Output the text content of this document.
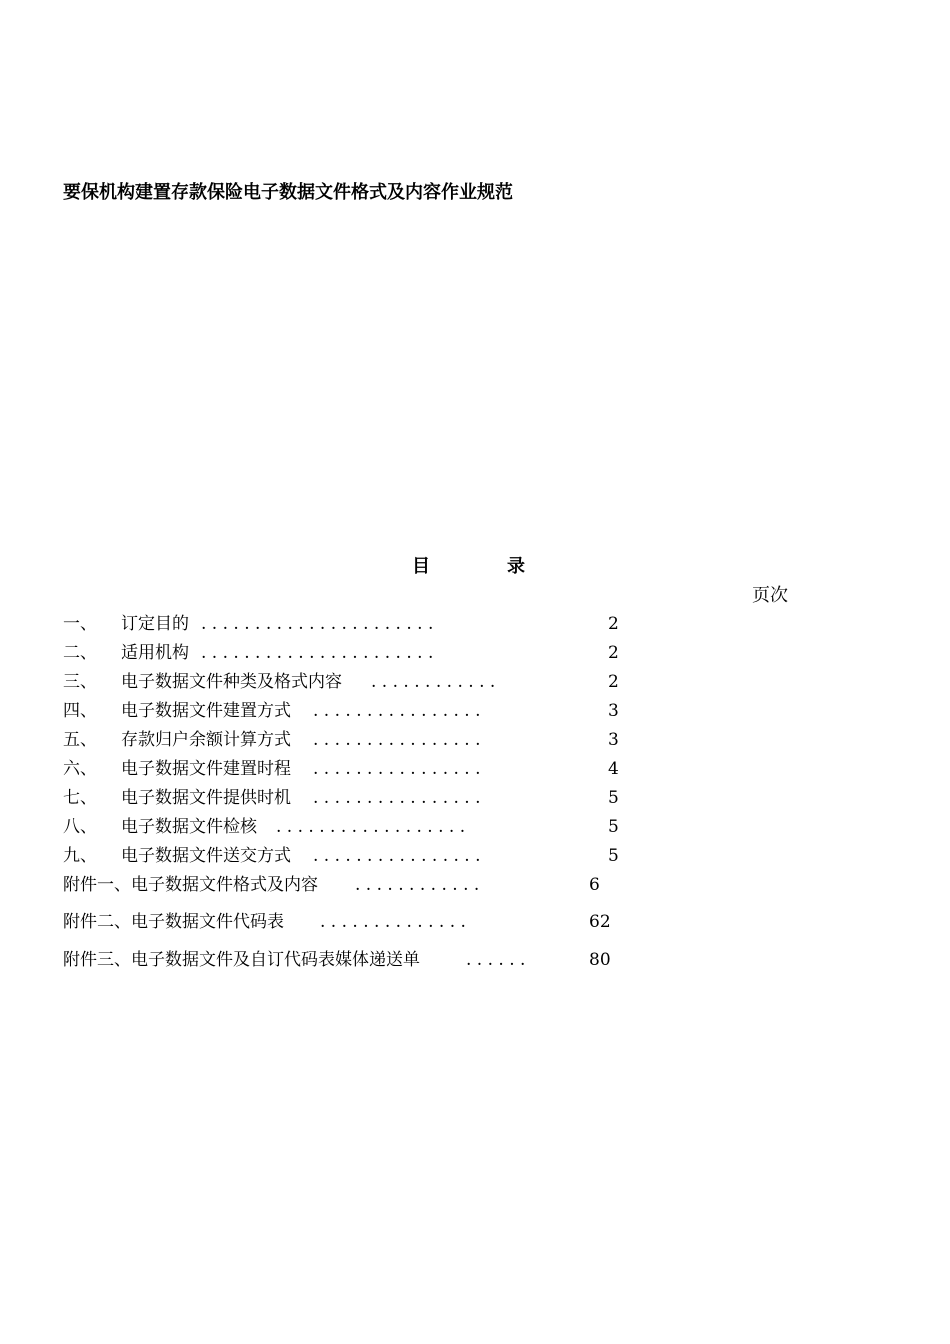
要保机构建置存款保险电子数据文件格式及内容作业规范
目	录
页次
一、 订定目的 . . . . . . . . . . . . . . . . . . . . . .	2
二、 适用机构 . . . . . . . . . . . . . . . . . . . . . .	2
三、 电子数据文件种类及格式内容 . . . . . . . . . . . .	2
四、 电子数据文件建置方式 . . . . . . . . . . . . . . . .	3
五、 存款归户余额计算方式 . . . . . . . . . . . . . . . .	3
六、 电子数据文件建置时程 . . . . . . . . . . . . . . . .	4
七、 电子数据文件提供时机 . . . . . . . . . . . . . . . .	5
八、 电子数据文件检核 . . . . . . . . . . . . . . . . . .	5
九、 电子数据文件送交方式 . . . . . . . . . . . . . . . .	5
附件一、电子数据文件格式及内容 . . . . . . . . . . . .	6
附件二、电子数据文件代码表 . . . . . . . . . . . . . .	62
附件三、电子数据文件及自订代码表媒体递送单	. . . . . .	80
